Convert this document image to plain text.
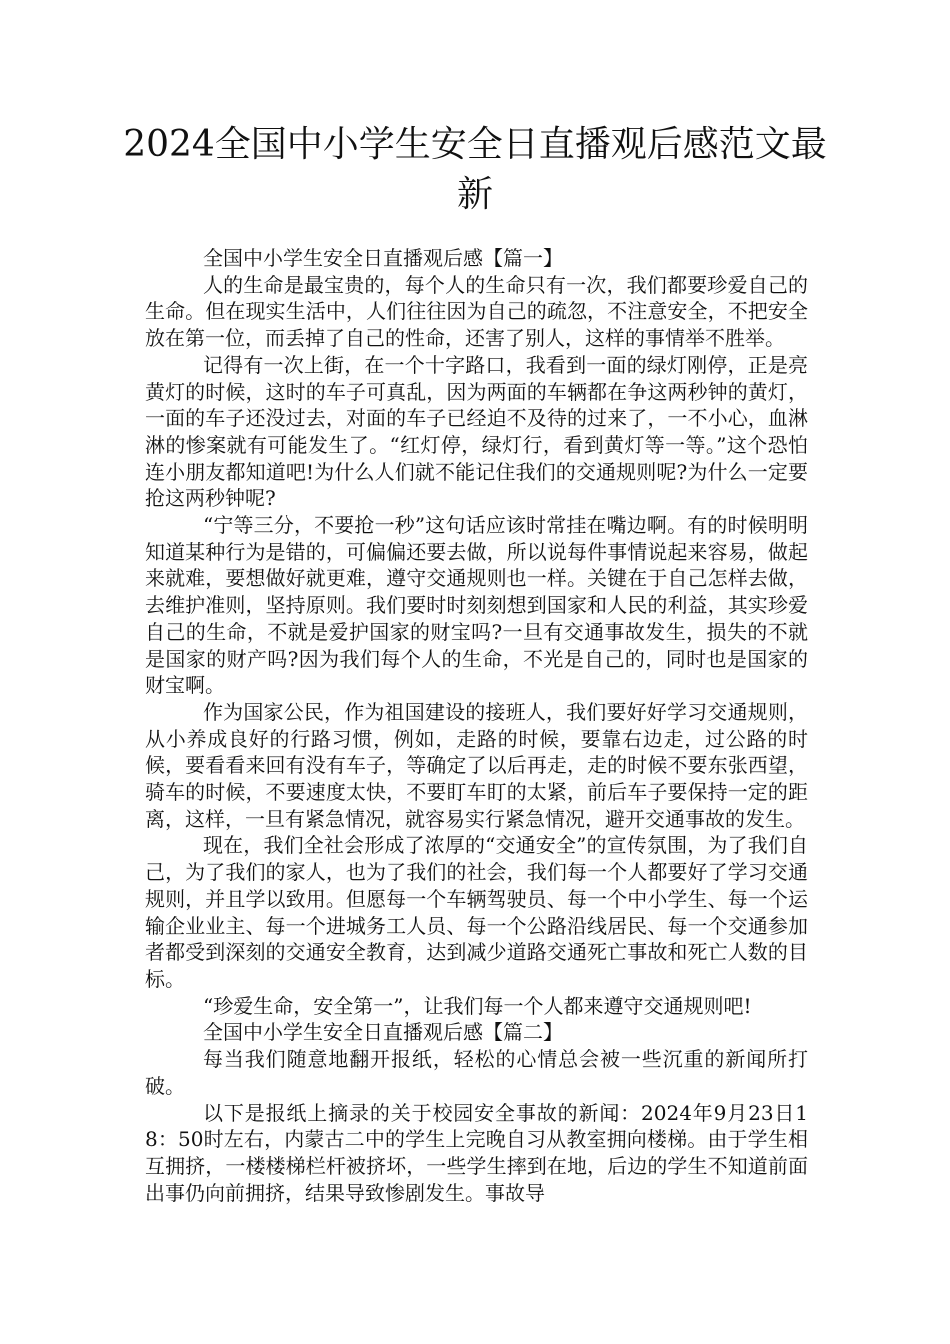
2024全国中小学生安全日直播观后感范文最新

全国中小学生安全日直播观后感【篇一】

人的生命是最宝贵的，每个人的生命只有一次，我们都要珍爱自己的生命。但在现实生活中，人们往往因为自己的疏忽，不注意安全，不把安全放在第一位，而丢掉了自己的性命，还害了别人，这样的事情举不胜举。

记得有一次上街，在一个十字路口，我看到一面的绿灯刚停，正是亮黄灯的时候，这时的车子可真乱，因为两面的车辆都在争这两秒钟的黄灯，一面的车子还没过去，对面的车子已经迫不及待的过来了，一不小心，血淋淋的惨案就有可能发生了。“红灯停，绿灯行，看到黄灯等一等。”这个恐怕连小朋友都知道吧!为什么人们就不能记住我们的交通规则呢?为什么一定要抢这两秒钟呢?

“宁等三分，不要抢一秒”这句话应该时常挂在嘴边啊。有的时候明明知道某种行为是错的，可偏偏还要去做，所以说每件事情说起来容易，做起来就难，要想做好就更难，遵守交通规则也一样。关键在于自己怎样去做，去维护准则，坚持原则。我们要时时刻刻想到国家和人民的利益，其实珍爱自己的生命，不就是爱护国家的财宝吗?一旦有交通事故发生，损失的不就是国家的财产吗?因为我们每个人的生命，不光是自己的，同时也是国家的财宝啊。

作为国家公民，作为祖国建设的接班人，我们要好好学习交通规则，从小养成良好的行路习惯，例如，走路的时候，要靠右边走，过公路的时候，要看看来回有没有车子，等确定了以后再走，走的时候不要东张西望，骑车的时候，不要速度太快，不要盯车盯的太紧，前后车子要保持一定的距离，这样，一旦有紧急情况，就容易实行紧急情况，避开交通事故的发生。

现在，我们全社会形成了浓厚的“交通安全”的宣传氛围，为了我们自己，为了我们的家人，也为了我们的社会，我们每一个人都要好了学习交通规则，并且学以致用。但愿每一个车辆驾驶员、每一个中小学生、每一个运输企业业主、每一个进城务工人员、每一个公路沿线居民、每一个交通参加者都受到深刻的交通安全教育，达到减少道路交通死亡事故和死亡人数的目标。

“珍爱生命，安全第一”，让我们每一个人都来遵守交通规则吧!

全国中小学生安全日直播观后感【篇二】

每当我们随意地翻开报纸，轻松的心情总会被一些沉重的新闻所打破。

以下是报纸上摘录的关于校园安全事故的新闻：2024年9月23日18：50时左右，内蒙古二中的学生上完晚自习从教室拥向楼梯。由于学生相互拥挤，一楼楼梯栏杆被挤坏，一些学生摔到在地，后边的学生不知道前面出事仍向前拥挤，结果导致惨剧发生。事故导
